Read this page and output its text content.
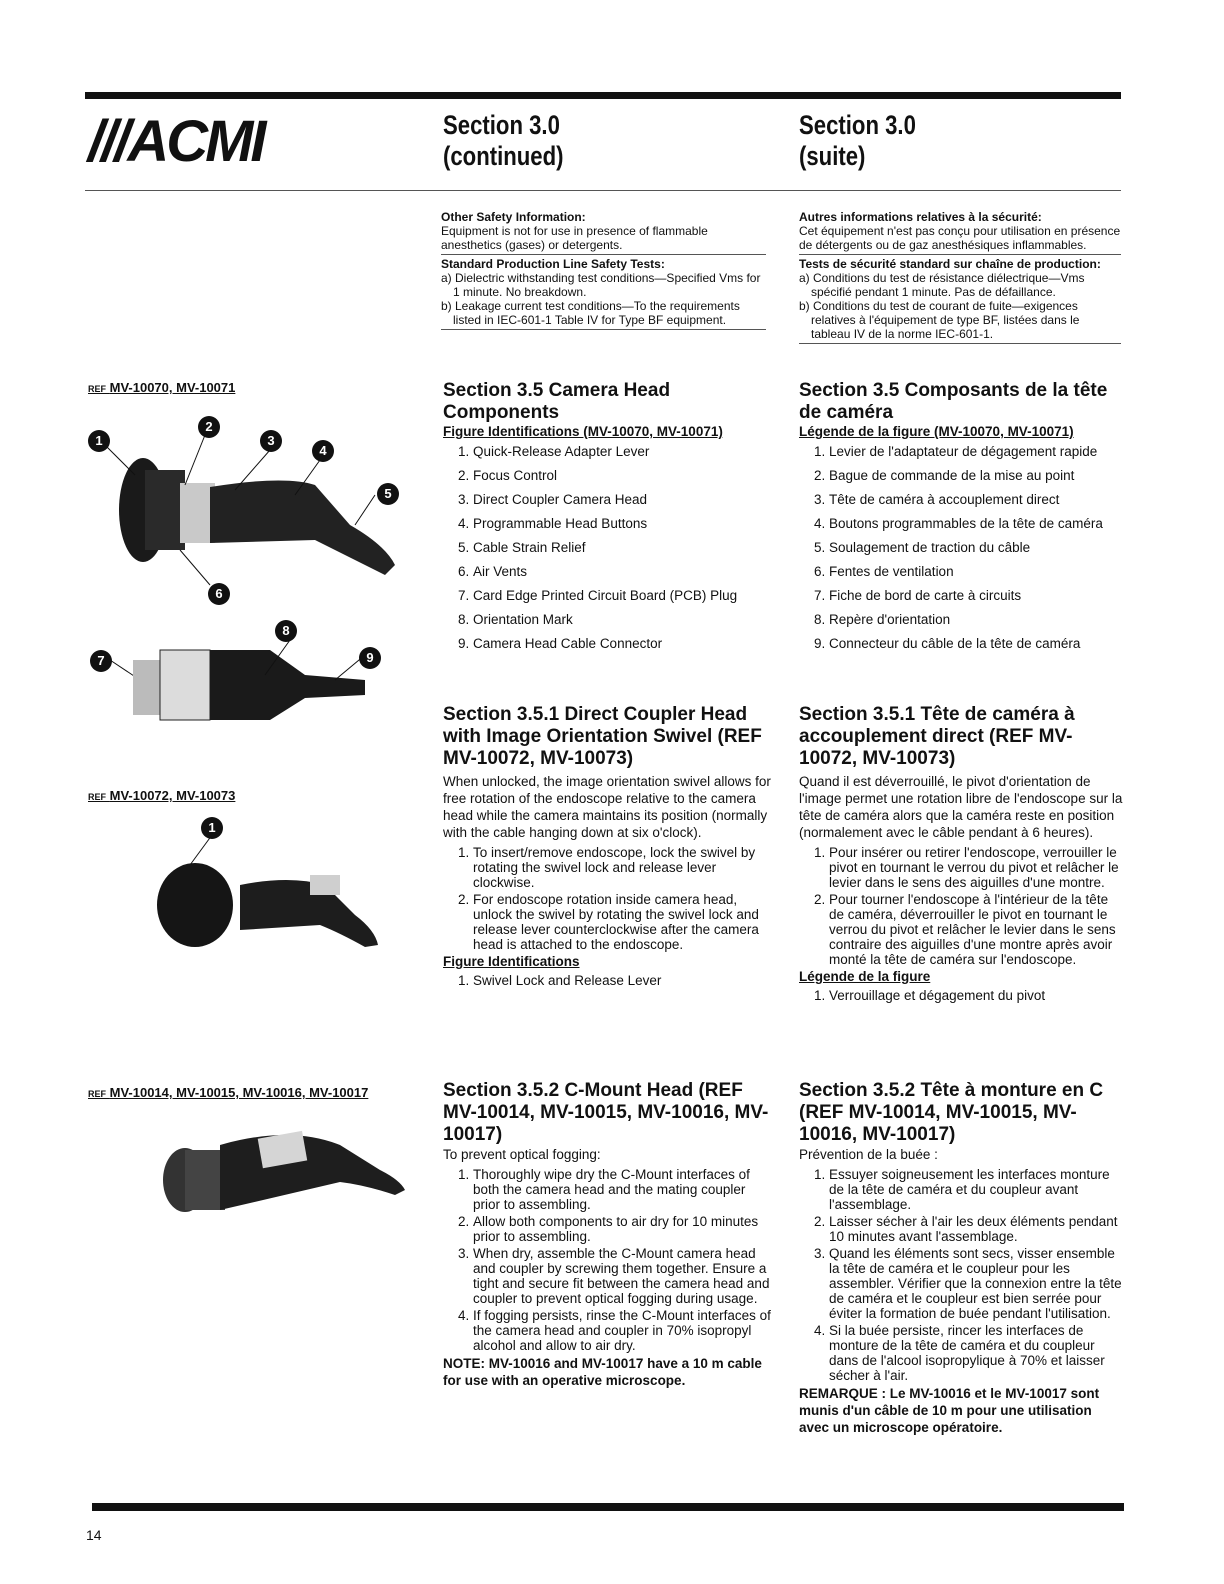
///ACMI	Section 3.0
(continued)
Section 3.0
(suite)
Other Safety Information:
Equipment is not for use in presence of flammable anesthetics (gases) or detergents.
Standard Production Line Safety Tests:
a) Dielectric withstanding test conditions—Specified Vms for 1 minute. No breakdown.
b) Leakage current test conditions—To the requirements listed in IEC-601-1 Table IV for Type BF equipment.
Autres informations relatives à la sécurité:
Cet équipement n'est pas conçu pour utilisation en présence de détergents ou de gaz anesthésiques inflammables.
Tests de sécurité standard sur chaîne de production:
a) Conditions du test de résistance diélectrique—Vms spécifié pendant 1 minute. Pas de défaillance.
b) Conditions du test de courant de fuite—exigences relatives à l'équipement de type BF, listées dans le tableau IV de la norme IEC-601-1.
REF MV-10070, MV-10071
1
2
3
4
5
6
7
8
9
Section 3.5 Camera Head Components
Figure Identifications (MV-10070, MV-10071)
1. Quick-Release Adapter Lever
2. Focus Control
3. Direct Coupler Camera Head
4. Programmable Head Buttons
5. Cable Strain Relief
6. Air Vents
7. Card Edge Printed Circuit Board (PCB) Plug
8. Orientation Mark
9. Camera Head Cable Connector
Section 3.5 Composants de la tête de caméra
Légende de la figure (MV-10070, MV-10071)
1. Levier de l'adaptateur de dégagement rapide
2. Bague de commande de la mise au point
3. Tête de caméra à accouplement direct
4. Boutons programmables de la tête de caméra
5. Soulagement de traction du câble
6. Fentes de ventilation
7. Fiche de bord de carte à circuits
8. Repère d'orientation
9. Connecteur du câble de la tête de caméra
REF MV-10072, MV-10073
1
Section 3.5.1 Direct Coupler Head with Image Orientation Swivel (REF MV-10072, MV-10073)
When unlocked, the image orientation swivel allows for free rotation of the endoscope relative to the camera head while the camera maintains its position (normally with the cable hanging down at six o'clock).
1. To insert/remove endoscope, lock the swivel by rotating the swivel lock and release lever clockwise.
2. For endoscope rotation inside camera head, unlock the swivel by rotating the swivel lock and release lever counterclockwise after the camera head is attached to the endoscope.
Figure Identifications
1. Swivel Lock and Release Lever
Section 3.5.1 Tête de caméra à accouplement direct (REF MV-10072, MV-10073)
Quand il est déverrouillé, le pivot d'orientation de l'image permet une rotation libre de l'endoscope sur la tête de caméra alors que la caméra reste en position (normalement avec le câble pendant à 6 heures).
1. Pour insérer ou retirer l'endoscope, verrouiller le pivot en tournant le verrou du pivot et relâcher le levier dans le sens des aiguilles d'une montre.
2. Pour tourner l'endoscope à l'intérieur de la tête de caméra, déverrouiller le pivot en tournant le verrou du pivot et relâcher le levier dans le sens contraire des aiguilles d'une montre après avoir monté la tête de caméra sur l'endoscope.
Légende de la figure
1. Verrouillage et dégagement du pivot
REF MV-10014, MV-10015, MV-10016, MV-10017	Section 3.5.2 C-Mount Head (REF MV-10014, MV-10015, MV-10016, MV-10017)
To prevent optical fogging:
1. Thoroughly wipe dry the C-Mount interfaces of both the camera head and the mating coupler prior to assembling.
2. Allow both components to air dry for 10 minutes prior to assembling.
3. When dry, assemble the C-Mount camera head and coupler by screwing them together. Ensure a tight and secure fit between the camera head and coupler to prevent optical fogging during usage.
4. If fogging persists, rinse the C-Mount interfaces of the camera head and coupler in 70% isopropyl alcohol and allow to air dry.
NOTE: MV-10016 and MV-10017 have a 10 m cable for use with an operative microscope.
Section 3.5.2 Tête à monture en C (REF MV-10014, MV-10015, MV-10016, MV-10017)
Prévention de la buée :
1. Essuyer soigneusement les interfaces monture de la tête de caméra et du coupleur avant l'assemblage.
2. Laisser sécher à l'air les deux éléments pendant 10 minutes avant l'assemblage.
3. Quand les éléments sont secs, visser ensemble la tête de caméra et le coupleur pour les assembler. Vérifier que la connexion entre la tête de caméra et le coupleur est bien serrée pour éviter la formation de buée pendant l'utilisation.
4. Si la buée persiste, rincer les interfaces de monture de la tête de caméra et du coupleur dans de l'alcool isopropylique à 70% et laisser sécher à l'air.
REMARQUE : Le MV-10016 et le MV-10017 sont munis d'un câble de 10 m pour une utilisation avec un microscope opératoire.
14
